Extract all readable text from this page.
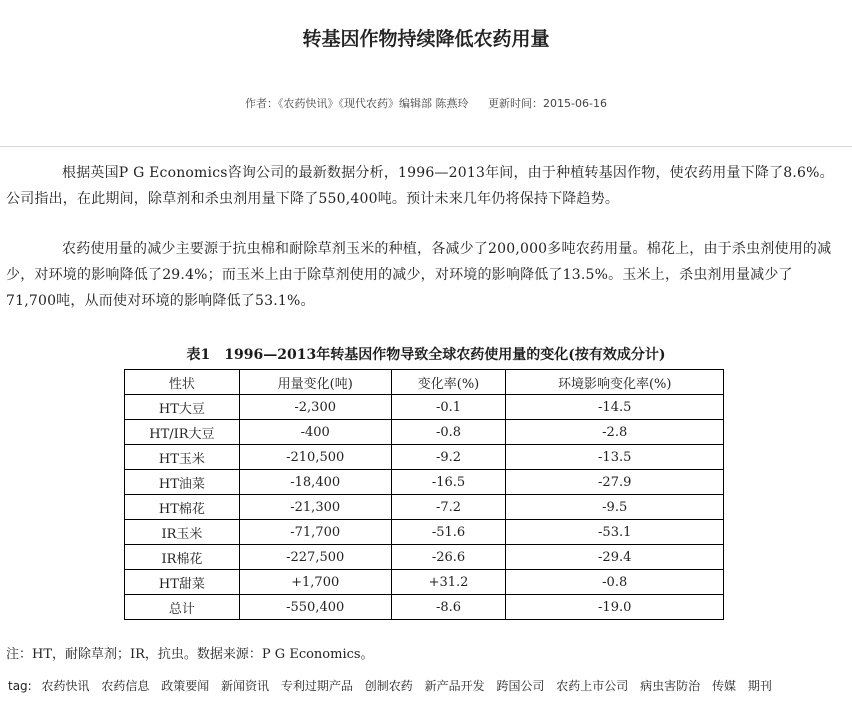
转基因作物持续降低农药用量
作者：《农药快讯》《现代农药》编辑部 陈燕玲 更新时间：2015-06-16

根据英国P G Economics咨询公司的最新数据分析，1996—2013年间，由于种植转基因作物，使农药用量下降了8.6%。公司指出，在此期间，除草剂和杀虫剂用量下降了550,400吨。预计未来几年仍将保持下降趋势。

农药使用量的减少主要源于抗虫棉和耐除草剂玉米的种植，各减少了200,000多吨农药用量。棉花上，由于杀虫剂使用的减少，对环境的影响降低了29.4%；而玉米上由于除草剂使用的减少，对环境的影响降低了13.5%。玉米上，杀虫剂用量减少了71,700吨，从而使对环境的影响降低了53.1%。

表1　1996—2013年转基因作物导致全球农药使用量的变化(按有效成分计)
性状	用量变化(吨)	变化率(%)	环境影响变化率(%)
HT大豆	-2,300	-0.1	-14.5
HT/IR大豆	-400	-0.8	-2.8
HT玉米	-210,500	-9.2	-13.5
HT油菜	-18,400	-16.5	-27.9
HT棉花	-21,300	-7.2	-9.5
IR玉米	-71,700	-51.6	-53.1
IR棉花	-227,500	-26.6	-29.4
HT甜菜	+1,700	+31.2	-0.8
总计	-550,400	-8.6	-19.0
注：HT，耐除草剂；IR，抗虫。数据来源：P G Economics。
tag: 农药快讯 农药信息 政策要闻 新闻资讯 专利过期产品 创制农药 新产品开发 跨国公司 农药上市公司 病虫害防治 传媒 期刊
